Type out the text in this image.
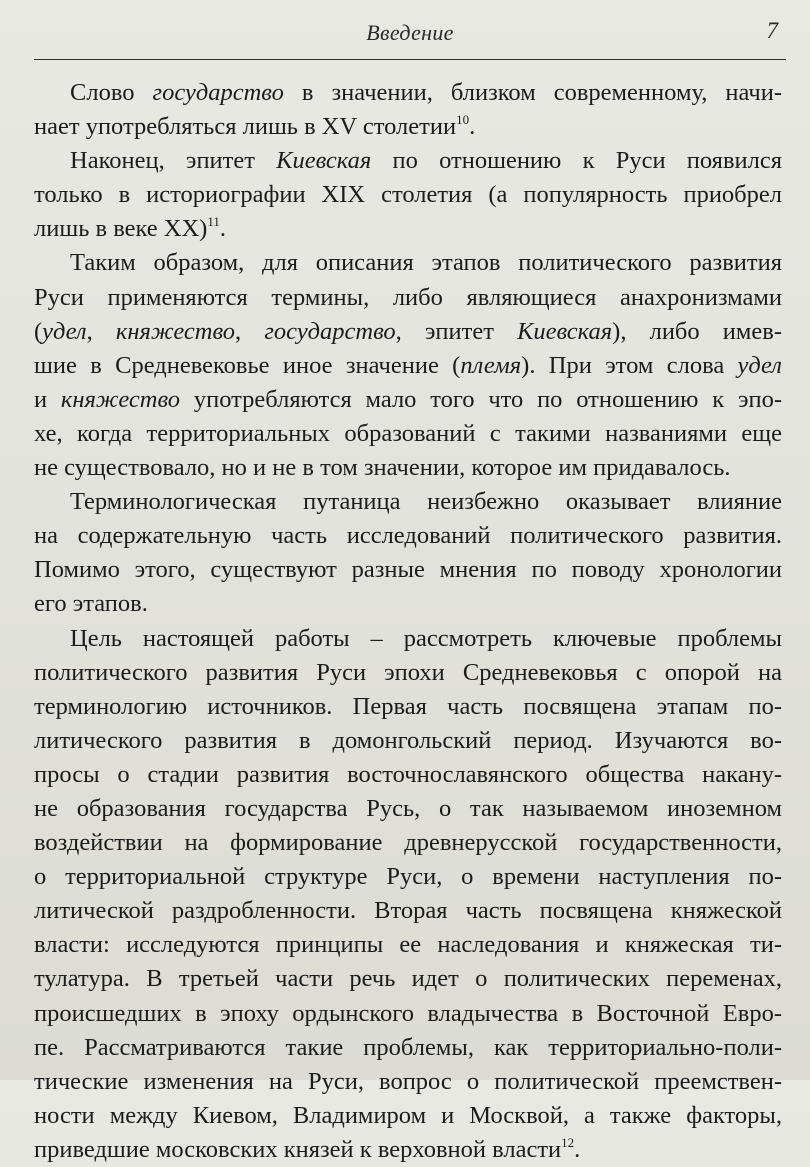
Введение	7
Слово государство в значении, близком современному, начи-
нает употребляться лишь в XV столетии$^{10}$.
Наконец, эпитет Киевская по отношению к Руси появился
только в историографии XIX столетия (а популярность приобрел
лишь в веке XX)$^{11}$.
Таким образом, для описания этапов политического развития
Руси применяются термины, либо являющиеся анахронизмами
(удел, княжество, государство, эпитет Киевская), либо имев-
шие в Средневековье иное значение (племя). При этом слова удел
и княжество употребляются мало того что по отношению к эпо-
хе, когда территориальных образований с такими названиями еще
не существовало, но и не в том значении, которое им придавалось.
Терминологическая путаница неизбежно оказывает влияние
на содержательную часть исследований политического развития.
Помимо этого, существуют разные мнения по поводу хронологии
его этапов.
Цель настоящей работы – рассмотреть ключевые проблемы
политического развития Руси эпохи Средневековья с опорой на
терминологию источников. Первая часть посвящена этапам по-
литического развития в домонгольский период. Изучаются во-
просы о стадии развития восточнославянского общества накану-
не образования государства Русь, о так называемом иноземном
воздействии на формирование древнерусской государственности,
о территориальной структуре Руси, о времени наступления по-
литической раздробленности. Вторая часть посвящена княжеской
власти: исследуются принципы ее наследования и княжеская ти-
тулатура. В третьей части речь идет о политических переменах,
происшедших в эпоху ордынского владычества в Восточной Евро-
пе. Рассматриваются такие проблемы, как территориально-поли-
тические изменения на Руси, вопрос о политической преемствен-
ности между Киевом, Владимиром и Москвой, а также факторы,
приведшие московских князей к верховной власти$^{12}$.
